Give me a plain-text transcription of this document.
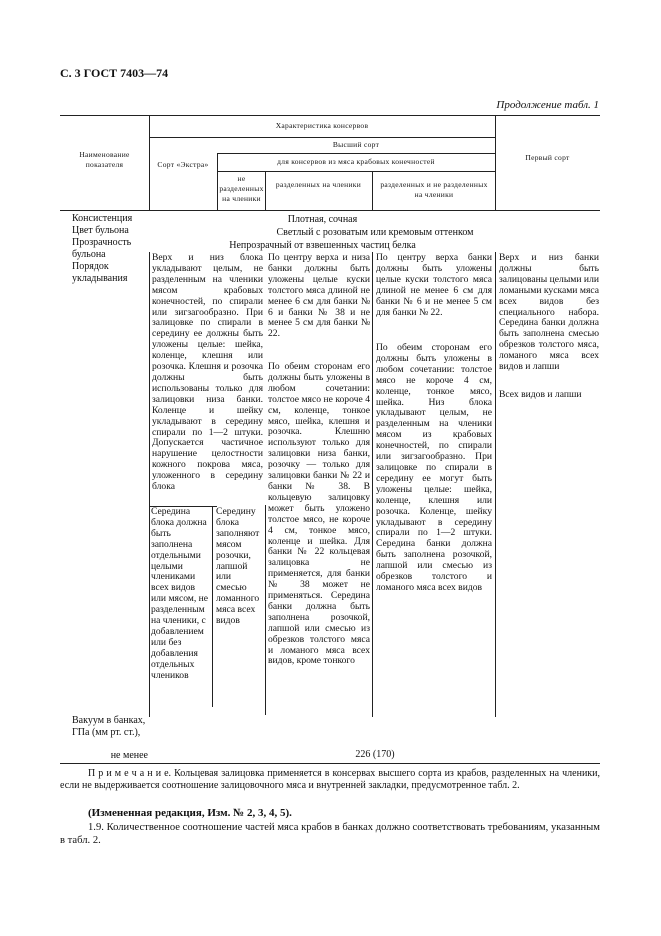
С. 3 ГОСТ 7403—74
Продолжение табл. 1
Наименование показателя
Характеристика консервов
Высший сорт
Сорт «Экстра»	для консервов из мяса крабовых конечностей
не разделенных на членики
разделенных на членики	разделенных и не разделенных на членики
Первый сорт
Консистенция
Цвет бульона
Прозрачность бульона
Порядок укладывания
Вакуум в банках, ГПа (мм рт. ст.),
не менее
Плотная, сочная
Светлый с розоватым или кремовым оттенком
Непрозрачный от взвешенных частиц белка
Верх и низ блока укладывают целым, не разделенным на членики мясом крабовых конечностей, по спирали или зигзагообразно. При залицовке по спирали в середину ее должны быть уложены целые: шейка, коленце, клешня или розочка. Клешня и розочка должны быть использованы только для залицовки низа банки. Коленце и шейку укладывают в середину спирали по 1—2 штуки. Допускается частичное нарушение целостности кожного покрова мяса, уложенного в середину блока
Середина блока должна быть заполнена отдельными целыми члениками всех видов или мясом, не разделенным на членики, с добавлением или без добавления отдельных члеников
Середину блока заполняют мясом розочки, лапшой или смесью ломанного мяса всех видов
По центру верха и низа банки должны быть уложены целые куски толстого мяса длиной не менее 6 см для банки № 6 и банки № 38 и не менее 5 см для банки № 22.
По обеим сторонам его должны быть уложены в любом сочетании: толстое мясо не короче 4 см, коленце, тонкое мясо, шейка, клешня и розочка. Клешню используют только для залицовки низа банки, розочку — только для залицовки банки № 22 и банки № 38. В кольцевую залицовку может быть уложено толстое мясо, не короче 4 см, тонкое мясо, коленце и шейка. Для банки № 22 кольцевая залицовка не применяется, для банки № 38 может не применяться. Середина банки должна быть заполнена розочкой, лапшой или смесью из обрезков толстого мяса и ломаного мяса всех видов, кроме тонкого
По центру верха банки должны быть уложены целые куски толстого мяса длиной не менее 6 см для банки № 6 и не менее 5 см для банки № 22.
По обеим сторонам его должны быть уложены в любом сочетании: толстое мясо не короче 4 см, коленце, тонкое мясо, шейка. Низ блока укладывают целым, не разделенным на членики мясом из крабовых конечностей, по спирали или зигзагообразно. При залицовке по спирали в середину ее могут быть уложены целые: шейка, коленце, клешня или розочка. Коленце, шейку укладывают в середину спирали по 1—2 штуки. Середина банки должна быть заполнена розочкой, лапшой или смесью из обрезков толстого и ломаного мяса всех видов
Верх и низ банки должны быть залицованы целыми или ломаными кусками мяса всех видов без специального набора. Середина банки должна быть заполнена смесью обрезков толстого мяса, ломаного мяса всех видов и лапши
Всех видов и лапши
226 (170)
П р и м е ч а н и е. Кольцевая залицовка применяется в консервах высшего сорта из крабов, разделенных на членики, если не выдерживается соотношение залицовочного мяса и внутренней закладки, предусмотренное табл. 2.
(Измененная редакция, Изм. № 2, 3, 4, 5).
1.9. Количественное соотношение частей мяса крабов в банках должно соответствовать требованиям, указанным в табл. 2.
